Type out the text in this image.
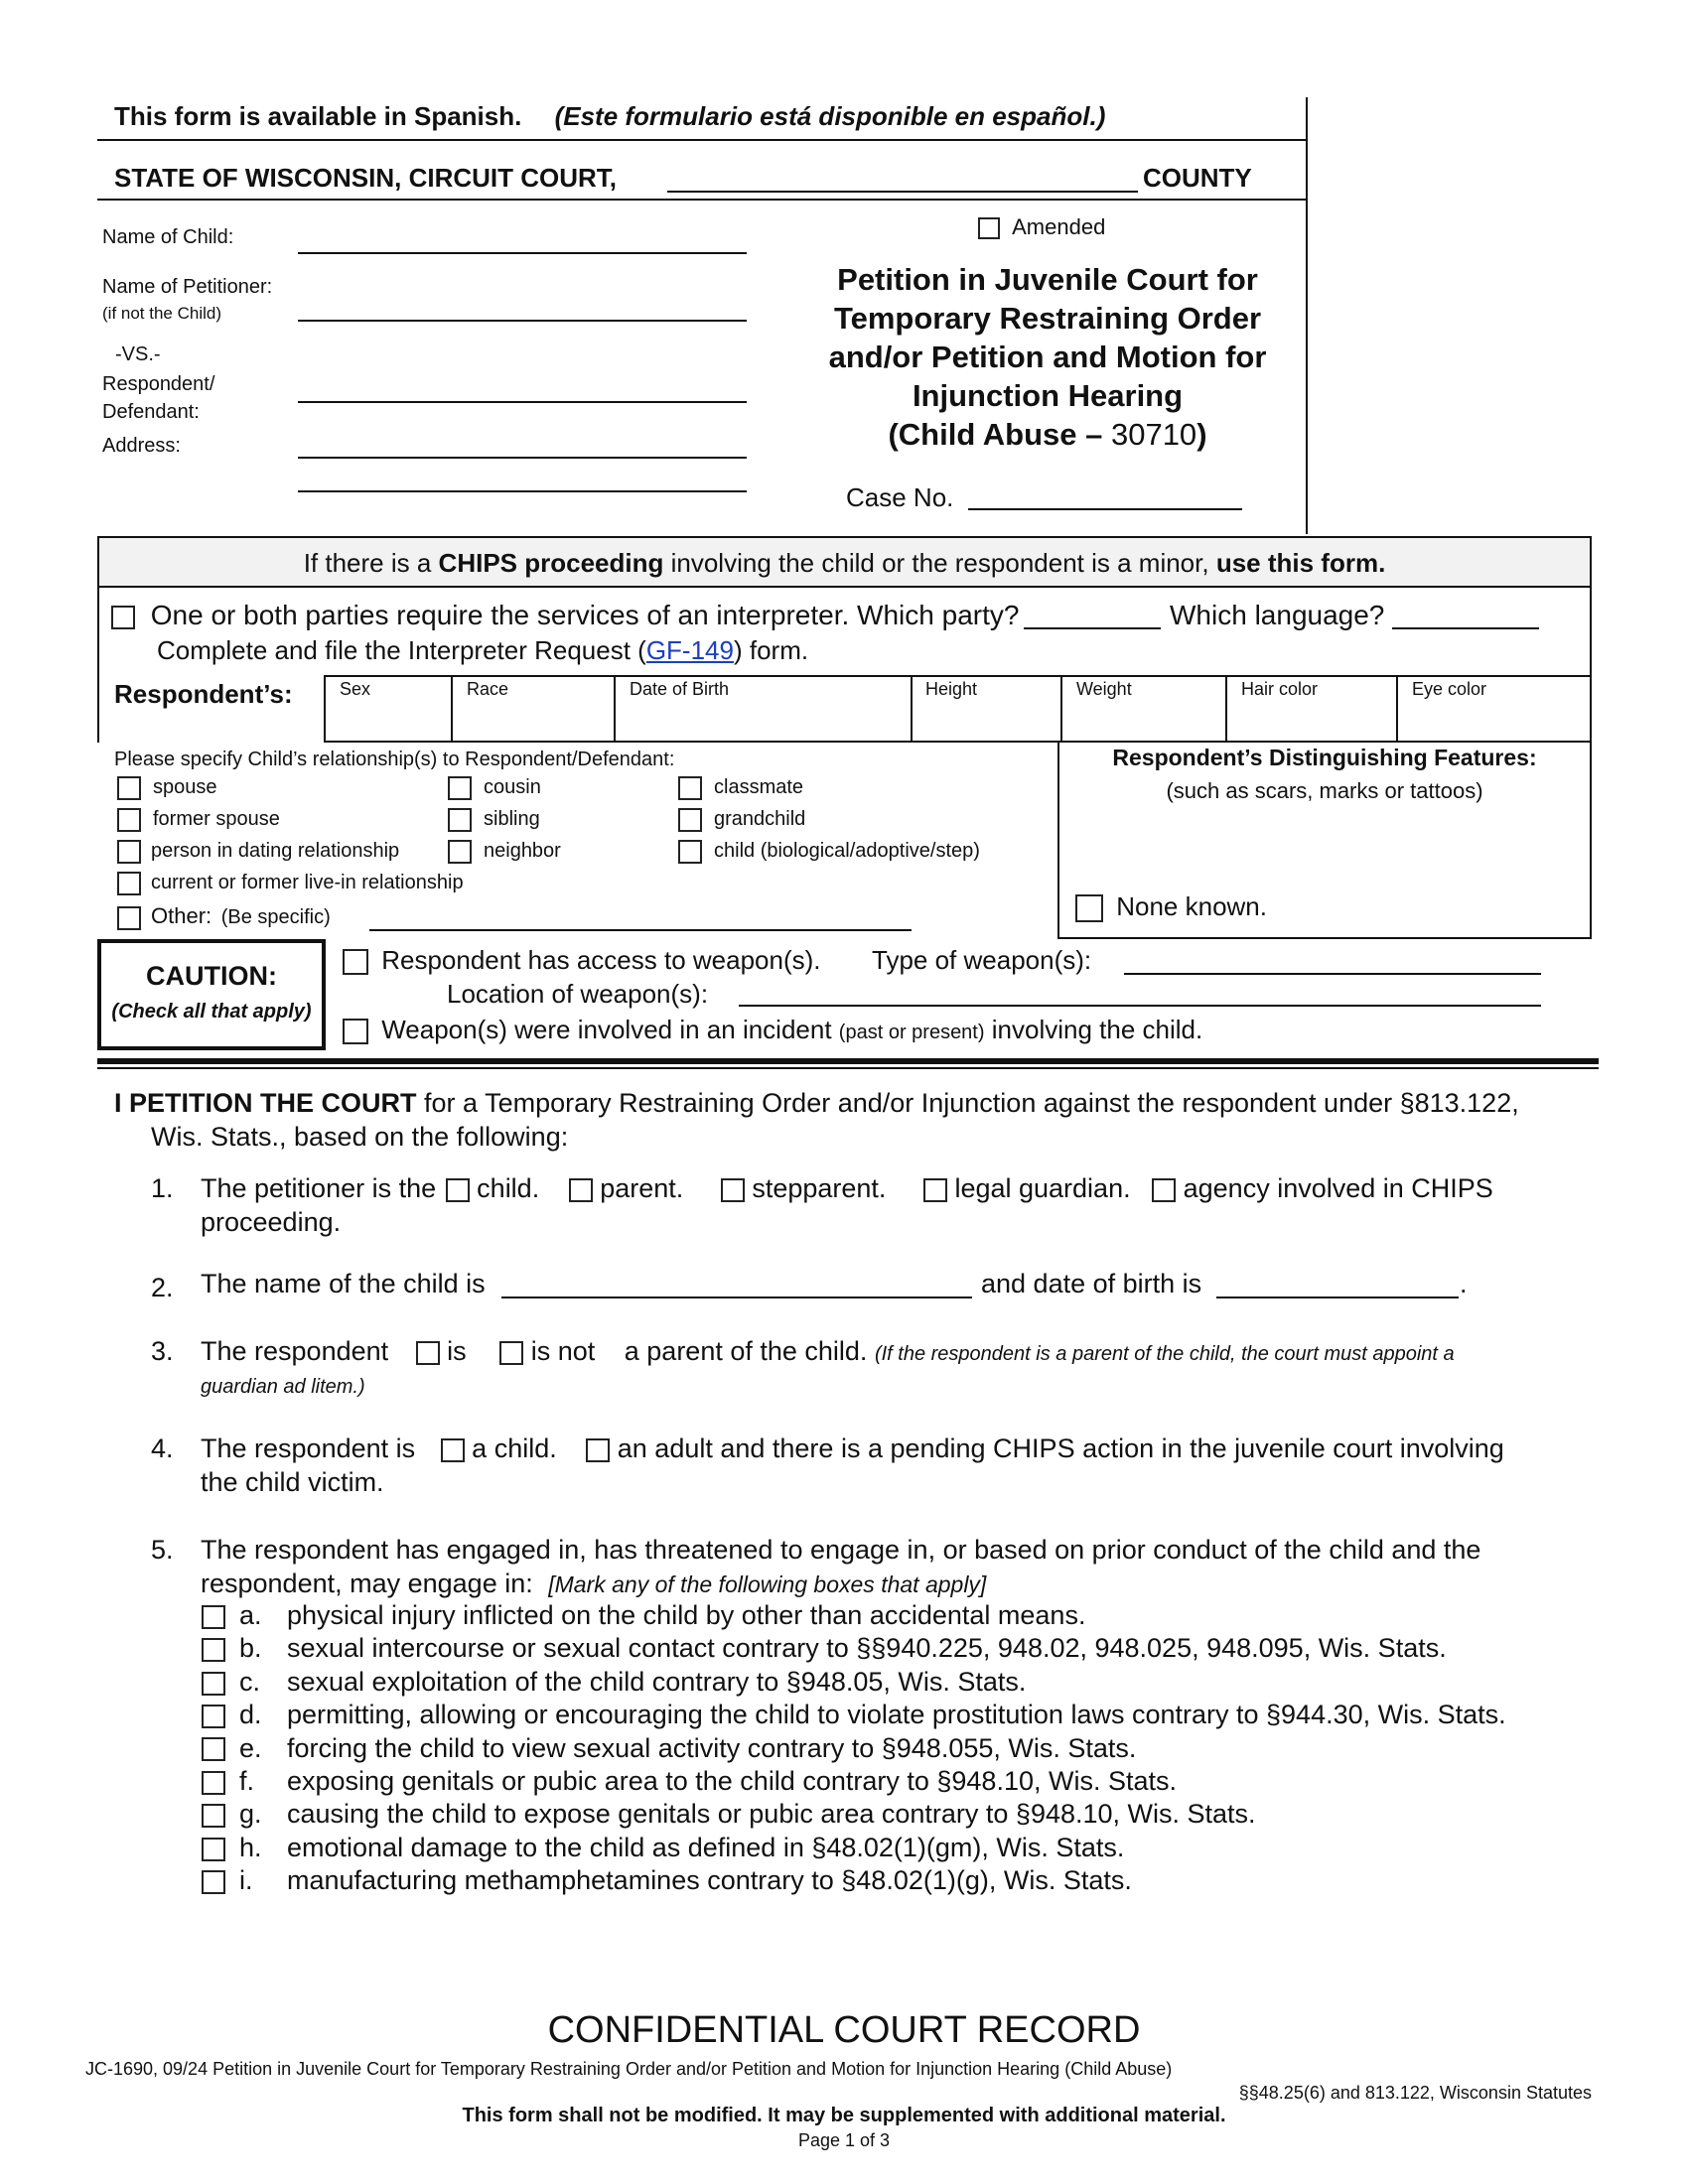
This form is available in Spanish. (Este formulario está disponible en español.)
STATE OF WISCONSIN, CIRCUIT COURT,	COUNTY
Name of Child:
Name of Petitioner:
(if not the Child)
-VS.-
Respondent/
Defendant:
Address:
Amended
Petition in Juvenile Court for
Temporary Restraining Order
and/or Petition and Motion for
Injunction Hearing
(Child Abuse – 30710)
Case No.
If there is a CHIPS proceeding involving the child or the respondent is a minor, use this form.
One or both parties require the services of an interpreter. Which party?	Which language?
Complete and file the Interpreter Request (GF-149) form.
Respondent’s:	Sex	Race	Date of Birth	Height	Weight	Hair color	Eye color
Please specify Child’s relationship(s) to Respondent/Defendant:
spouse
former spouse
person in dating relationship
current or former live-in relationship
Other: (Be specific)
cousin
sibling
neighbor
classmate
grandchild
child (biological/adoptive/step)
Respondent’s Distinguishing Features:
(such as scars, marks or tattoos)
None known.
CAUTION:
(Check all that apply)
Respondent has access to weapon(s). Type of weapon(s):
Location of weapon(s):
Weapon(s) were involved in an incident (past or present) involving the child.
I PETITION THE COURT for a Temporary Restraining Order and/or Injunction against the respondent under §813.122,
Wis. Stats., based on the following:
1. The petitioner is the child. parent.	stepparent.	legal guardian. agency involved in CHIPS
proceeding.
2. The name of the child is	and date of birth is	.
3. The respondent is is not a parent of the child. (If the respondent is a parent of the child, the court must appoint a
guardian ad litem.)
4. The respondent is a child. an adult and there is a pending CHIPS action in the juvenile court involving
the child victim.
5. The respondent has engaged in, has threatened to engage in, or based on prior conduct of the child and the
respondent, may engage in: [Mark any of the following boxes that apply]
a. physical injury inflicted on the child by other than accidental means.
b. sexual intercourse or sexual contact contrary to §§940.225, 948.02, 948.025, 948.095, Wis. Stats.
c. sexual exploitation of the child contrary to §948.05, Wis. Stats.
d. permitting, allowing or encouraging the child to violate prostitution laws contrary to §944.30, Wis. Stats.
e. forcing the child to view sexual activity contrary to §948.055, Wis. Stats.
f. exposing genitals or pubic area to the child contrary to §948.10, Wis. Stats.
g. causing the child to expose genitals or pubic area contrary to §948.10, Wis. Stats.
h. emotional damage to the child as defined in §48.02(1)(gm), Wis. Stats.
i. manufacturing methamphetamines contrary to §48.02(1)(g), Wis. Stats.
CONFIDENTIAL COURT RECORD
JC-1690, 09/24 Petition in Juvenile Court for Temporary Restraining Order and/or Petition and Motion for Injunction Hearing (Child Abuse)
§§48.25(6) and 813.122, Wisconsin Statutes
This form shall not be modified. It may be supplemented with additional material.
Page 1 of 3
